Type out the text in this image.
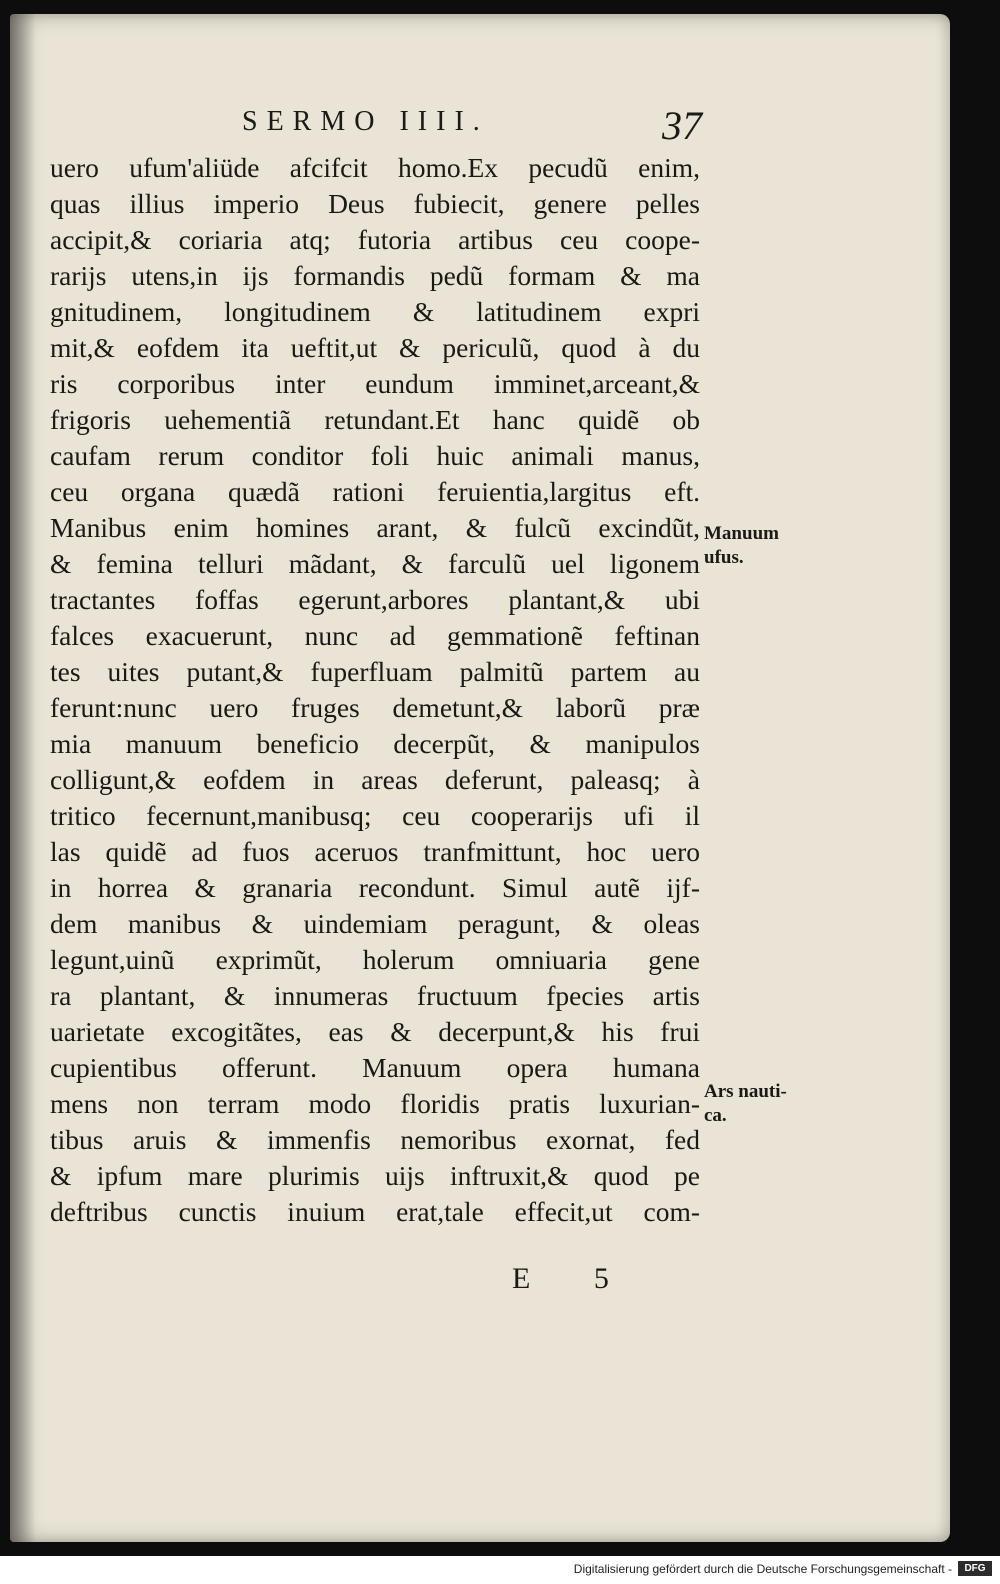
SERMO IIII.	37
uero ufum'aliüde afcifcit homo.Ex pecudũ enim,
quas illius imperio Deus fubiecit, genere pelles
accipit,& coriaria atq; futoria artibus ceu coope-
rarijs utens,in ijs formandis pedũ formam & ma
gnitudinem, longitudinem & latitudinem expri
mit,& eofdem ita ueftit,ut & periculũ, quod à du
ris corporibus inter eundum imminet,arceant,&
frigoris uehementiã retundant.Et hanc quidẽ ob
caufam rerum conditor foli huic animali manus,
ceu organa quædã rationi feruientia,largitus eft.
Manibus enim homines arant, & fulcũ excindũt,
& femina telluri mãdant, & farculũ uel ligonem
tractantes foffas egerunt,arbores plantant,& ubi
falces exacuerunt, nunc ad gemmationẽ feftinan
tes uites putant,& fuperfluam palmitũ partem au
ferunt:nunc uero fruges demetunt,& laborũ præ
mia manuum beneficio decerpũt, & manipulos
colligunt,& eofdem in areas deferunt, paleasq; à
tritico fecernunt,manibusq; ceu cooperarijs ufi il
las quidẽ ad fuos aceruos tranfmittunt, hoc uero
in horrea & granaria recondunt. Simul autẽ ijf-
dem manibus & uindemiam peragunt, & oleas
legunt,uinũ exprimũt, holerum omniuaria gene
ra plantant, & innumeras fructuum fpecies artis
uarietate excogitãtes, eas & decerpunt,& his frui
cupientibus offerunt. Manuum opera humana
mens non terram modo floridis pratis luxurian-
tibus aruis & immenfis nemoribus exornat, fed
& ipfum mare plurimis uijs inftruxit,& quod pe
deftribus cunctis inuium erat,tale effecit,ut com-
Manuum
ufus.
Ars nauti-
ca.
E 5
Digitalisierung gefördert durch die Deutsche Forschungsgemeinschaft -	DFG
